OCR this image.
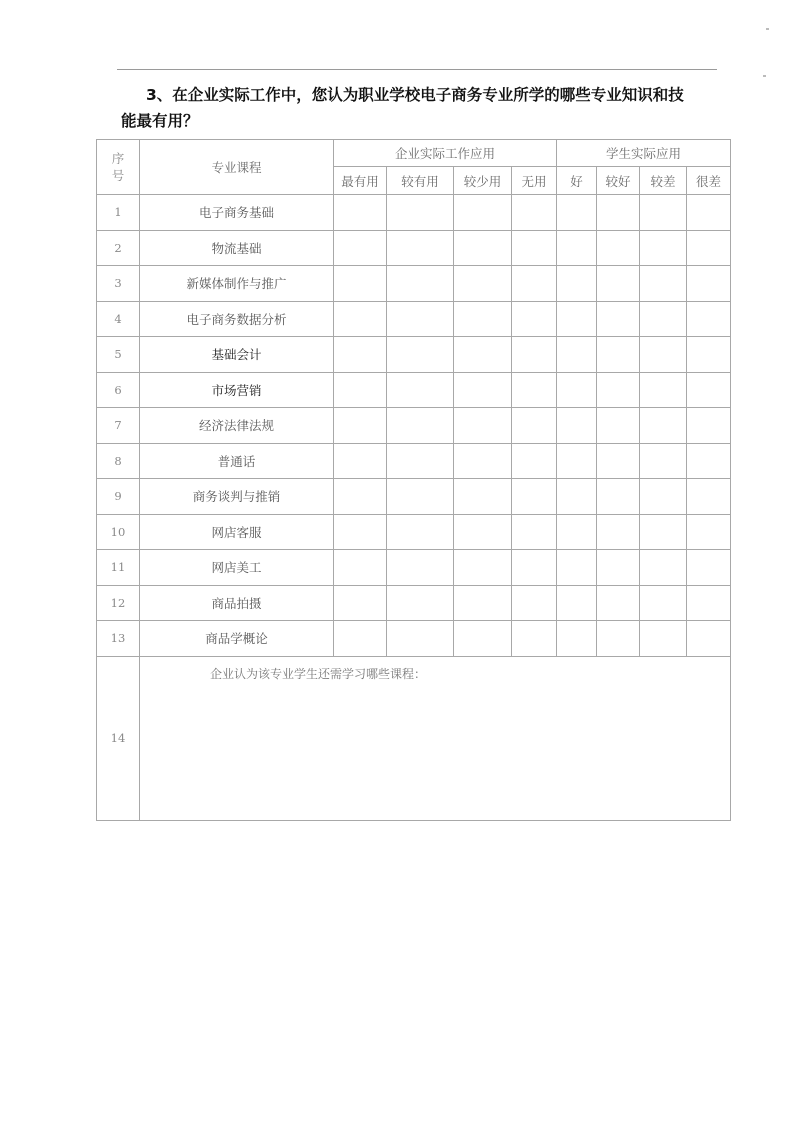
3、在企业实际工作中，您认为职业学校电子商务专业所学的哪些专业知识和技
能最有用？
序号	专业课程	企业实际工作应用				学生实际应用			
		最有用	较有用	较少用	无用	好	较好	较差	很差
1	电子商务基础								
2	物流基础								
3	新媒体制作与推广								
4	电子商务数据分析								
5	基础会计								
6	市场营销								
7	经济法律法规								
8	普通话								
9	商务谈判与推销								
10	网店客服								
11	网店美工								
12	商品拍摄								
13	商品学概论								
14	企业认为该专业学生还需学习哪些课程：								
